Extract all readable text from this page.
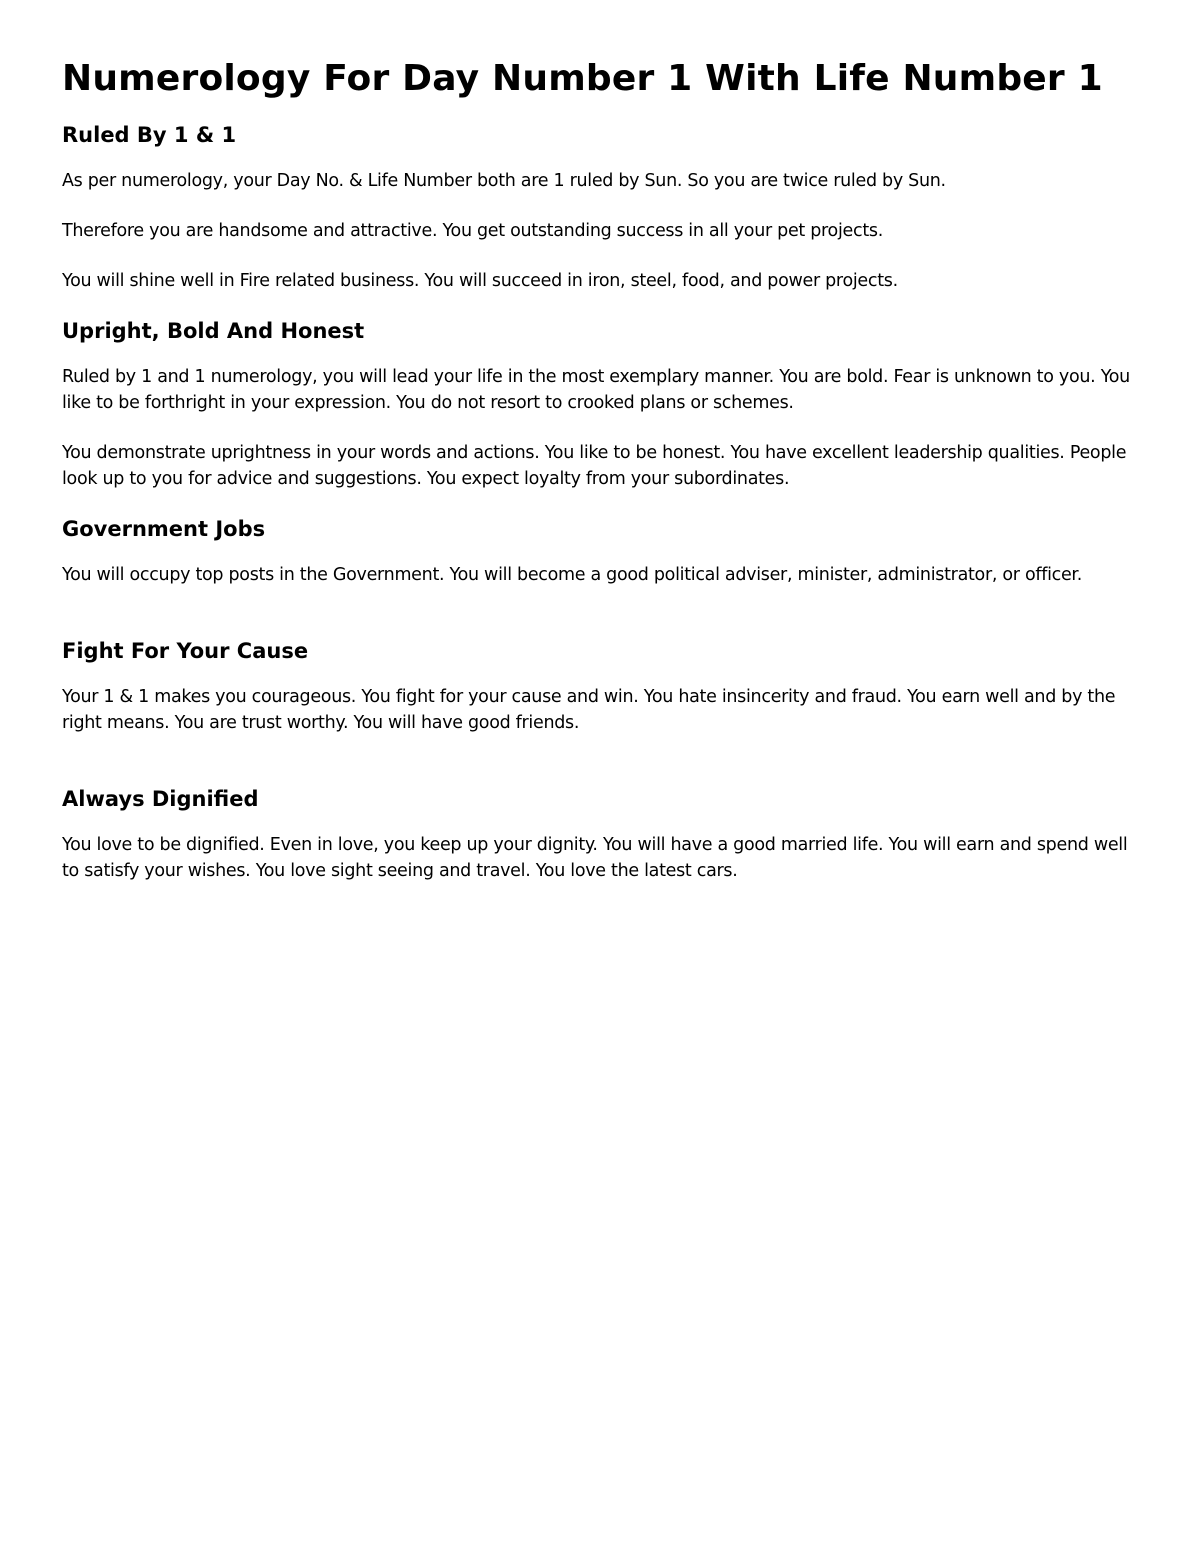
Numerology For Day Number 1 With Life Number 1
Ruled By 1 & 1

As per numerology, your Day No. & Life Number both are 1 ruled by Sun. So you are twice ruled by Sun.

Therefore you are handsome and attractive. You get outstanding success in all your pet projects.

You will shine well in Fire related business. You will succeed in iron, steel, food, and power projects.

Upright, Bold And Honest

Ruled by 1 and 1 numerology, you will lead your life in the most exemplary manner. You are bold. Fear is unknown to you. You like to be forthright in your expression. You do not resort to crooked plans or schemes.

You demonstrate uprightness in your words and actions. You like to be honest. You have excellent leadership qualities. People look up to you for advice and suggestions. You expect loyalty from your subordinates.

Government Jobs

You will occupy top posts in the Government. You will become a good political adviser, minister, administrator, or officer.

Fight For Your Cause

Your 1 & 1 makes you courageous. You fight for your cause and win. You hate insincerity and fraud. You earn well and by the right means. You are trust worthy. You will have good friends.

Always Dignified

You love to be dignified. Even in love, you keep up your dignity. You will have a good married life. You will earn and spend well to satisfy your wishes. You love sight seeing and travel. You love the latest cars.
